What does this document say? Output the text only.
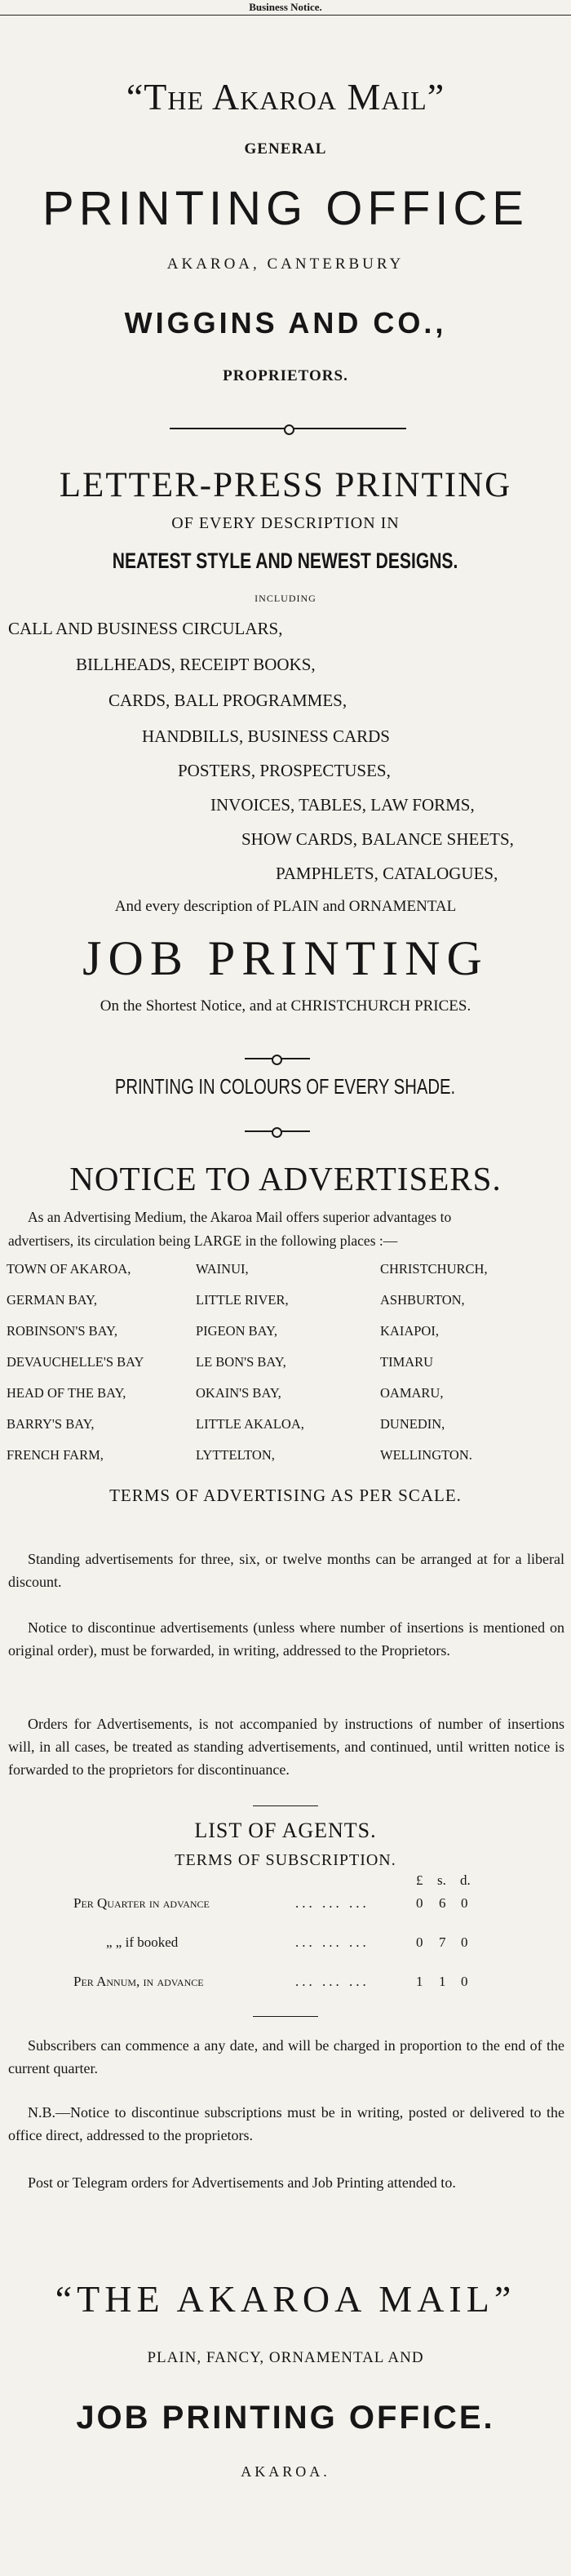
Business Notice.
“The Akaroa Mail”
GENERAL
PRINTING OFFICE
AKAROA, CANTERBURY
WIGGINS AND CO.,
PROPRIETORS.
LETTER-PRESS PRINTING
OF EVERY DESCRIPTION IN
NEATEST STYLE AND NEWEST DESIGNS.
INCLUDING
CALL AND BUSINESS CIRCULARS,
BILLHEADS, RECEIPT BOOKS,
CARDS, BALL PROGRAMMES,
HANDBILLS, BUSINESS CARDS
POSTERS, PROSPECTUSES,
INVOICES, TABLES, LAW FORMS,
SHOW CARDS, BALANCE SHEETS,
PAMPHLETS, CATALOGUES,
And every description of PLAIN and ORNAMENTAL
JOB PRINTING
On the Shortest Notice, and at CHRISTCHURCH PRICES.
PRINTING IN COLOURS OF EVERY SHADE.
NOTICE TO ADVERTISERS.
As an Advertising Medium, the Akaroa Mail offers superior advantages to
advertisers, its circulation being LARGE in the following places :—
TOWN OF AKAROA,	WAINUI,	CHRISTCHURCH,
GERMAN BAY,	LITTLE RIVER,	ASHBURTON,
ROBINSON'S BAY,	PIGEON BAY,	KAIAPOI,
DEVAUCHELLE'S BAY	LE BON'S BAY,	TIMARU
HEAD OF THE BAY,	OKAIN'S BAY,	OAMARU,
BARRY'S BAY,	LITTLE AKALOA,	DUNEDIN,
FRENCH FARM,	LYTTELTON,	WELLINGTON.
TERMS OF ADVERTISING AS PER SCALE.
Standing advertisements for three, six, or twelve months can be arranged at for a liberal discount.
Notice to discontinue advertisements (unless where number of insertions is mentioned on original order), must be forwarded, in writing, addressed to the Proprietors.
Orders for Advertisements, is not accompanied by instructions of number of insertions will, in all cases, be treated as standing advertisements, and continued, until written notice is forwarded to the proprietors for discontinuance.
LIST OF AGENTS.
TERMS OF SUBSCRIPTION.
£ s. d.
Per Quarter in advance	... ... ...	0 6 0
„ „ if booked	... ... ...	0 7 0
Per Annum, in advance	... ... ...	1 1 0
Subscribers can commence a any date, and will be charged in proportion to the end of the current quarter.
N.B.—Notice to discontinue subscriptions must be in writing, posted or delivered to the office direct, addressed to the proprietors.
Post or Telegram orders for Advertisements and Job Printing attended to.
“THE AKAROA MAIL”
PLAIN, FANCY, ORNAMENTAL AND
JOB PRINTING OFFICE.
AKAROA.
